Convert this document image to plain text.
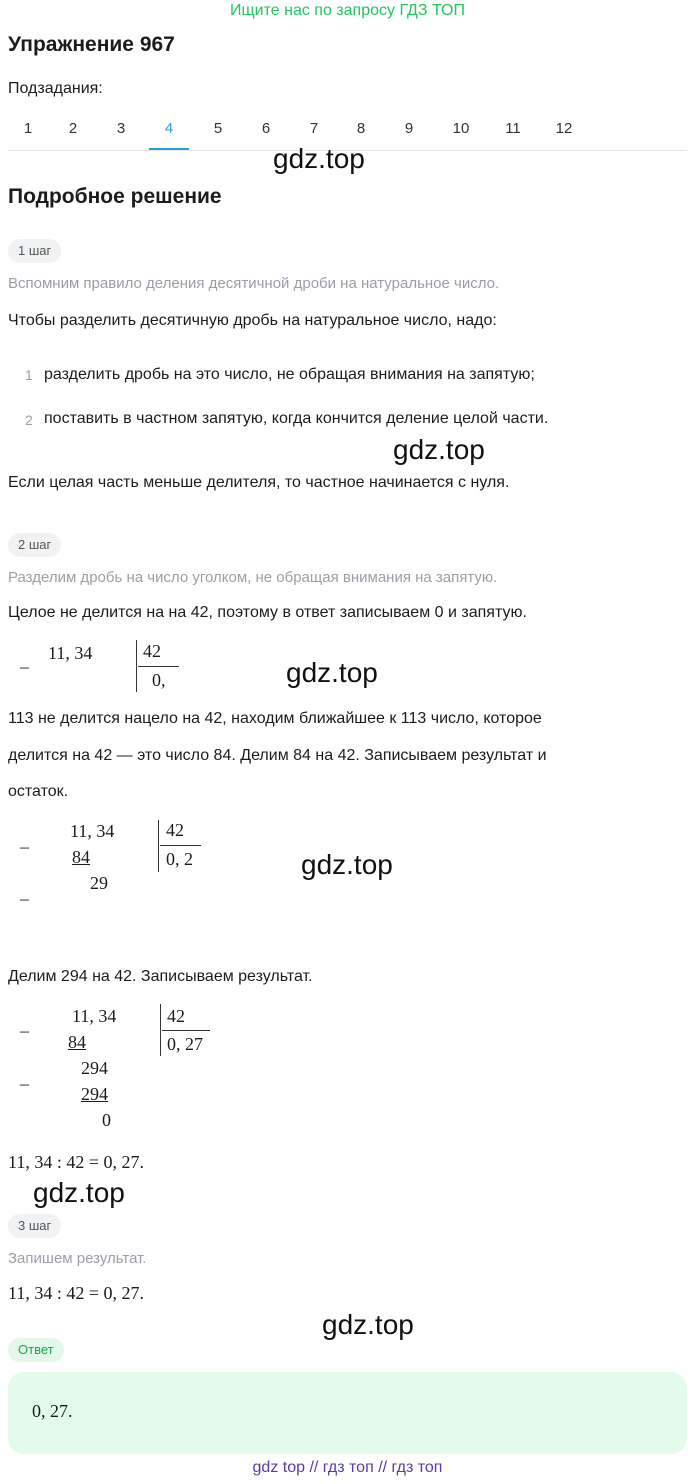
Ищите нас по запросу ГДЗ ТОП
Упражнение 967
Подзадания:
1	2	3	4	5	6	7	8	9	10	11	12
gdz.top
Подробное решение
1 шаг
Вспомним правило деления десятичной дроби на натуральное число.
Чтобы разделить десятичную дробь на натуральное число, надо:
1 разделить дробь на это число, не обращая внимания на запятую;
2 поставить в частном запятую, когда кончится деление целой части.
gdz.top
Если целая часть меньше делителя, то частное начинается с нуля.
2 шаг
Разделим дробь на число уголком, не обращая внимания на запятую.
Целое не делится на на 42, поэтому в ответ записываем 0 и запятую.
_ 11, 34	42
0,	gdz.top
113 не делится нацело на 42, находим ближайшее к 113 число, которое
делится на 42 — это число 84. Делим 84 на 42. Записываем результат и
остаток.
_
_
11, 34
84
29
42
0, 2	gdz.top
Делим 294 на 42. Записываем результат.
_
_
11, 34
84
294
294
0
42
0, 27
11, 34 : 42 = 0, 27.
gdz.top
3 шаг
Запишем результат.
11, 34 : 42 = 0, 27.
gdz.top
Ответ
0, 27.
gdz top // гдз топ // гдз топ
